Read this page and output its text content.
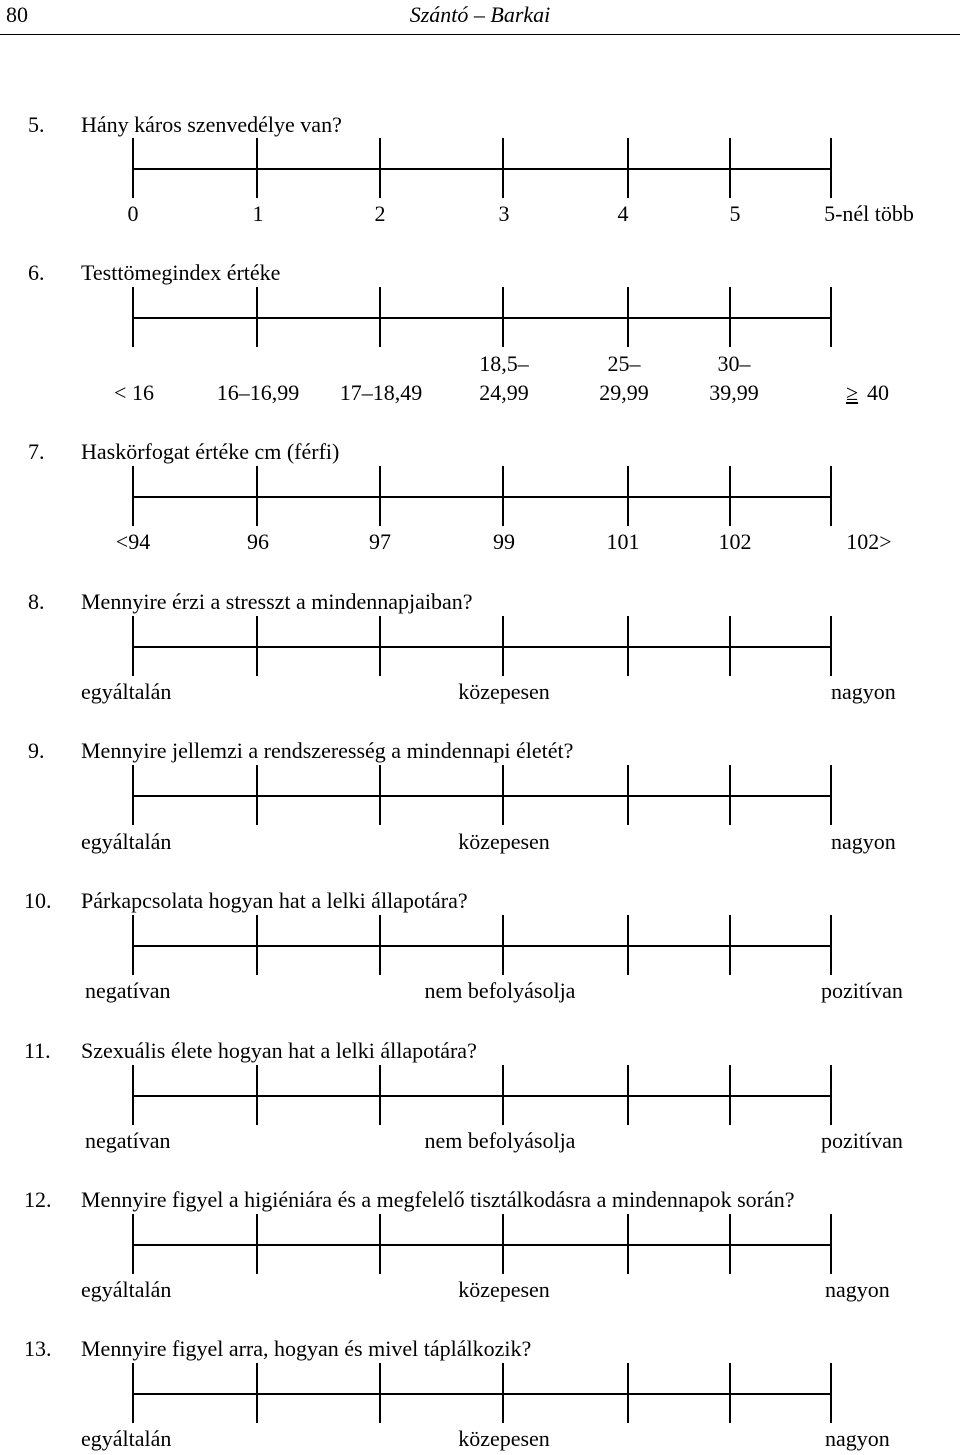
80	Szántó – Barkai
5. Hány káros szenvedélye van?
0	1	2	3	4	5	5-nél több
6. Testtömegindex értéke
< 16	16–16,99 17–18,49
18,5–
24,99
25–
29,99
30–
39,99	≥ 40
7. Haskörfogat értéke cm (férfi)
<94	96	97	99	101	102	102>
8. Mennyire érzi a stresszt a mindennapjaiban?
egyáltalán	közepesen	nagyon
9. Mennyire jellemzi a rendszeresség a mindennapi életét?
egyáltalán	közepesen	nagyon
10. Párkapcsolata hogyan hat a lelki állapotára?
negatívan	nem befolyásolja	pozitívan
11. Szexuális élete hogyan hat a lelki állapotára?
negatívan	nem befolyásolja	pozitívan
12. Mennyire figyel a higiéniára és a megfelelő tisztálkodásra a mindennapok során?
egyáltalán	közepesen	nagyon
13. Mennyire figyel arra, hogyan és mivel táplálkozik?
egyáltalán	közepesen	nagyon
